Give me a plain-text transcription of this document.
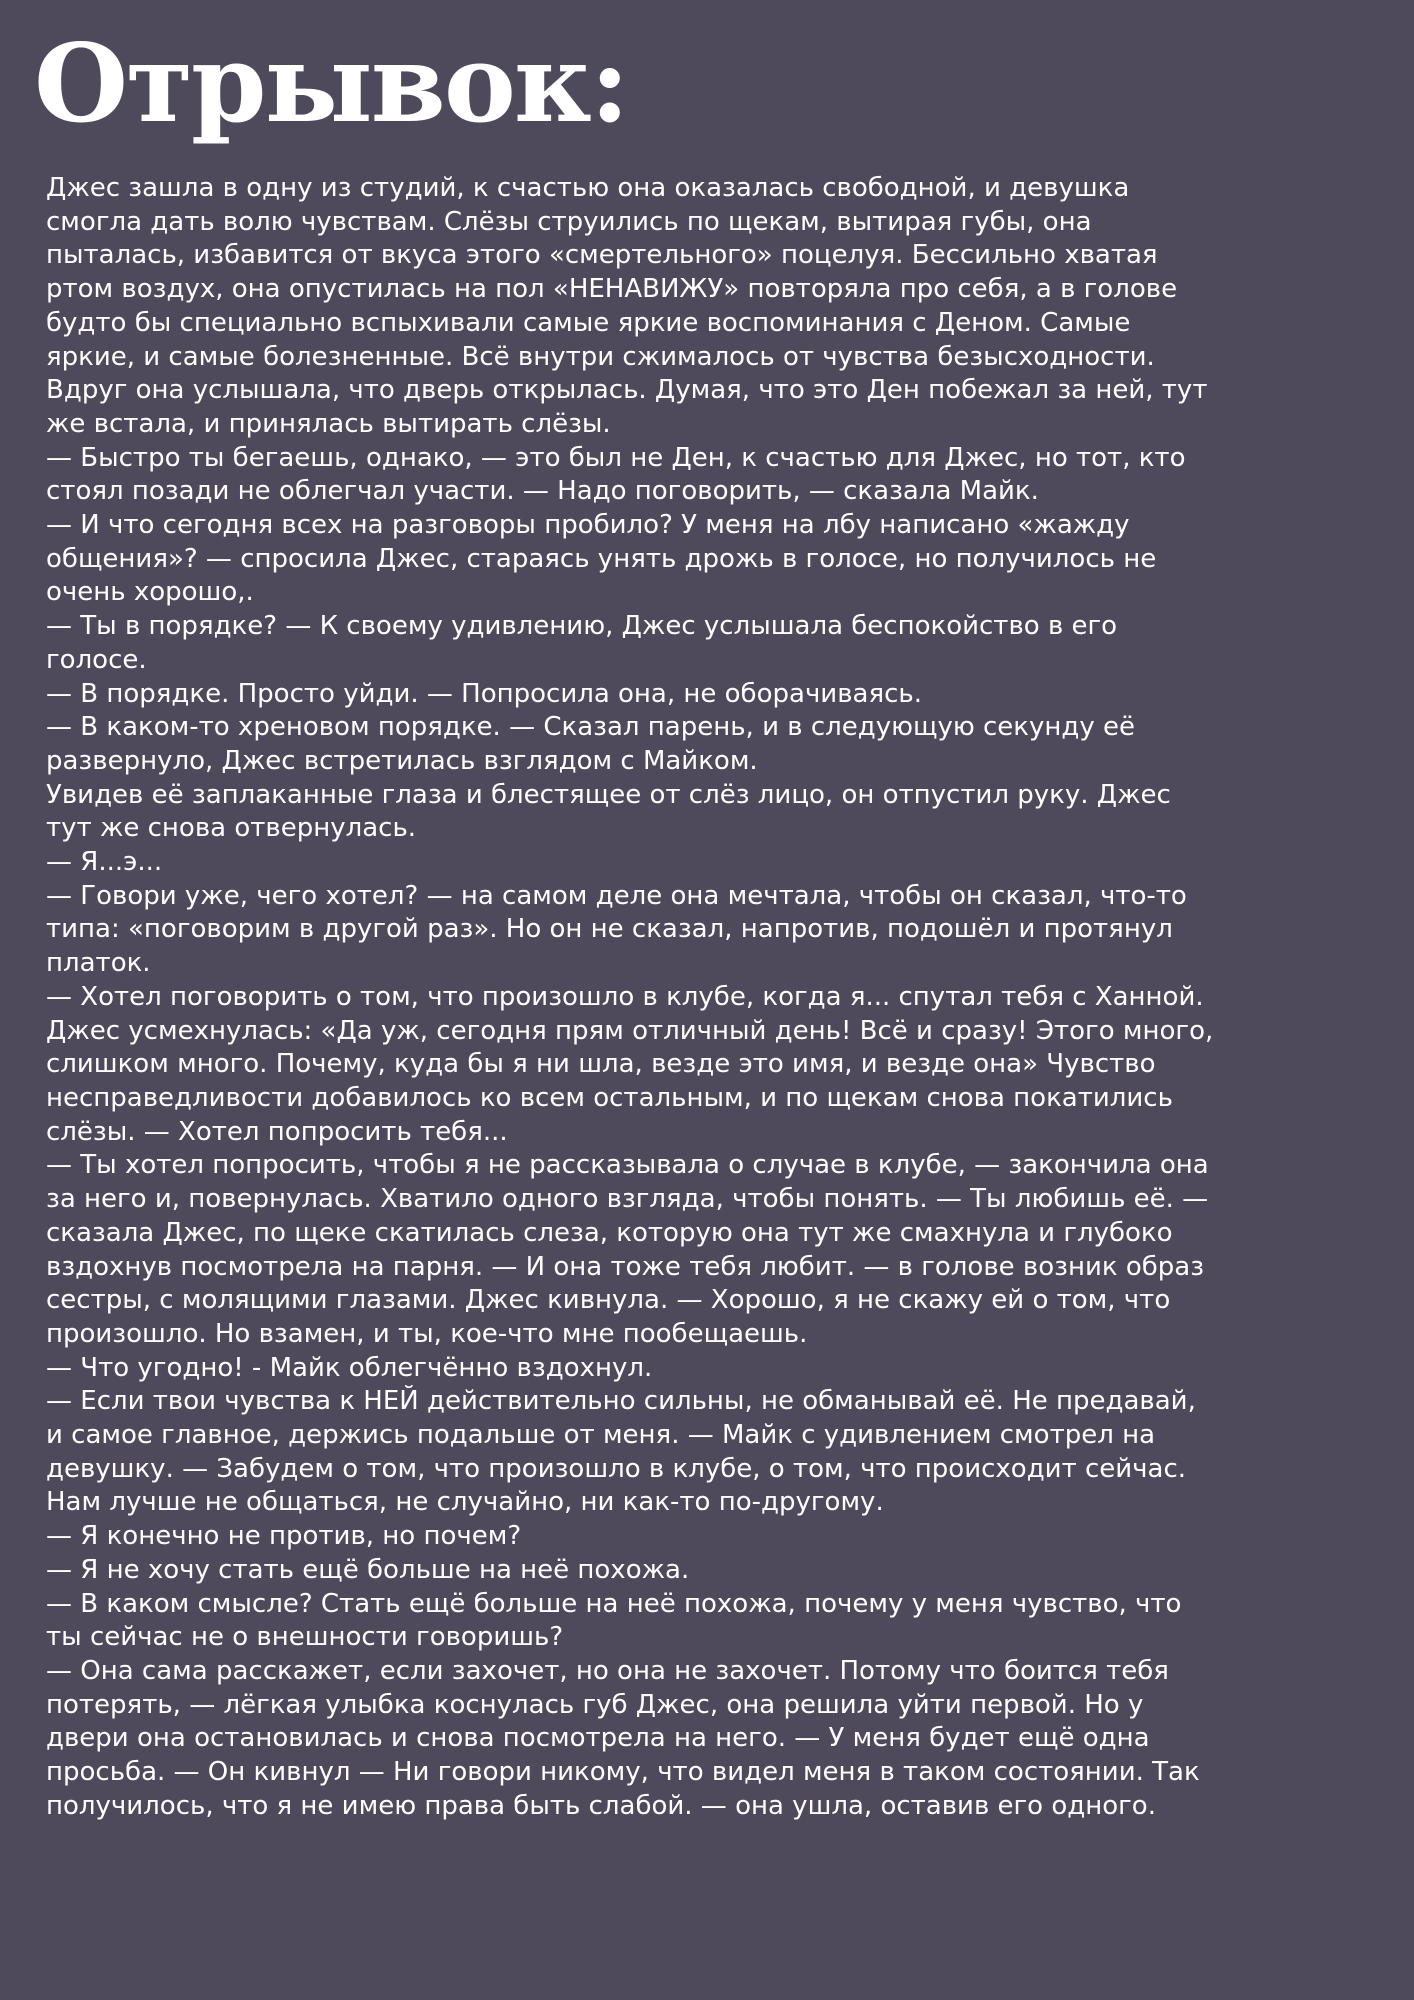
Отрывок:
Джес зашла в одну из студий, к счастью она оказалась свободной, и девушка
смогла дать волю чувствам. Слёзы струились по щекам, вытирая губы, она
пыталась, избавится от вкуса этого «смертельного» поцелуя. Бессильно хватая
ртом воздух, она опустилась на пол «НЕНАВИЖУ» повторяла про себя, а в голове
будто бы специально вспыхивали самые яркие воспоминания с Деном. Самые
яркие, и самые болезненные. Всё внутри сжималось от чувства безысходности.
Вдруг она услышала, что дверь открылась. Думая, что это Ден побежал за ней, тут
же встала, и принялась вытирать слёзы.
— Быстро ты бегаешь, однако, — это был не Ден, к счастью для Джес, но тот, кто
стоял позади не облегчал участи. — Надо поговорить, — сказала Майк.
— И что сегодня всех на разговоры пробило? У меня на лбу написано «жажду
общения»? — спросила Джес, стараясь унять дрожь в голосе, но получилось не
очень хорошо,.
— Ты в порядке? — К своему удивлению, Джес услышала беспокойство в его
голосе.
— В порядке. Просто уйди. — Попросила она, не оборачиваясь.
— В каком-то хреновом порядке. — Сказал парень, и в следующую секунду её
развернуло, Джес встретилась взглядом с Майком.
Увидев её заплаканные глаза и блестящее от слёз лицо, он отпустил руку. Джес
тут же снова отвернулась.
— Я...э...
— Говори уже, чего хотел? — на самом деле она мечтала, чтобы он сказал, что-то
типа: «поговорим в другой раз». Но он не сказал, напротив, подошёл и протянул
платок.
— Хотел поговорить о том, что произошло в клубе, когда я... спутал тебя с Ханной.
Джес усмехнулась: «Да уж, сегодня прям отличный день! Всё и сразу! Этого много,
слишком много. Почему, куда бы я ни шла, везде это имя, и везде она» Чувство
несправедливости добавилось ко всем остальным, и по щекам снова покатились
слёзы. — Хотел попросить тебя...
— Ты хотел попросить, чтобы я не рассказывала о случае в клубе, — закончила она
за него и, повернулась. Хватило одного взгляда, чтобы понять. — Ты любишь её. —
сказала Джес, по щеке скатилась слеза, которую она тут же смахнула и глубоко
вздохнув посмотрела на парня. — И она тоже тебя любит. — в голове возник образ
сестры, с молящими глазами. Джес кивнула. — Хорошо, я не скажу ей о том, что
произошло. Но взамен, и ты, кое-что мне пообещаешь.
— Что угодно! - Майк облегчённо вздохнул.
— Если твои чувства к НЕЙ действительно сильны, не обманывай её. Не предавай,
и самое главное, держись подальше от меня. — Майк с удивлением смотрел на
девушку. — Забудем о том, что произошло в клубе, о том, что происходит сейчас.
Нам лучше не общаться, не случайно, ни как-то по-другому.
— Я конечно не против, но почем?
— Я не хочу стать ещё больше на неё похожа.
— В каком смысле? Стать ещё больше на неё похожа, почему у меня чувство, что
ты сейчас не о внешности говоришь?
— Она сама расскажет, если захочет, но она не захочет. Потому что боится тебя
потерять, — лёгкая улыбка коснулась губ Джес, она решила уйти первой. Но у
двери она остановилась и снова посмотрела на него. — У меня будет ещё одна
просьба. — Он кивнул — Ни говори никому, что видел меня в таком состоянии. Так
получилось, что я не имею права быть слабой. — она ушла, оставив его одного.
